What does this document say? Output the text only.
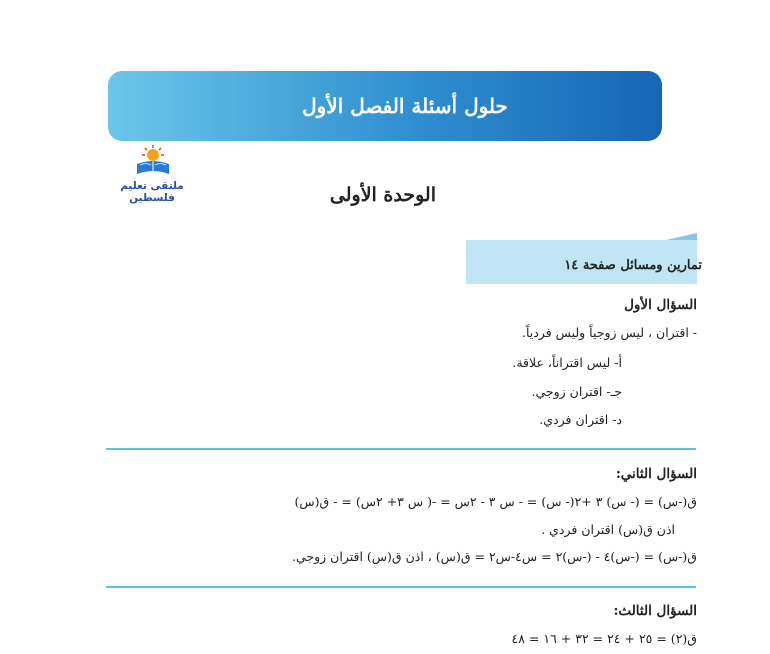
حلول أسئلة الفصل الأول
ملتقى تعليم فلسطين	الوحدة الأولى
تمارين ومسائل صفحة ١٤
السؤال الأول
- اقتران ، ليس زوجياً وليس فردياً.
أ- ليس اقتراناً، علاقة.
جـ- اقتران زوجي.
د- اقتران فردي.
السؤال الثاني:
ق(-س) = (- س) ٣ +٢(- س) = - س ٣ - ٢س = -( س ٣+ ٢س) = - ق(س)
اذن ق(س) اقتران فردي .
ق(-س) = (-س)٤ - (-س)٢ = س٤-س٢ = ق(س) ، اذن ق(س) اقتران زوجي.
السؤال الثالث:
ق(٢) = ٢٥ + ٢٤ = ٣٢ + ١٦ = ٤٨
